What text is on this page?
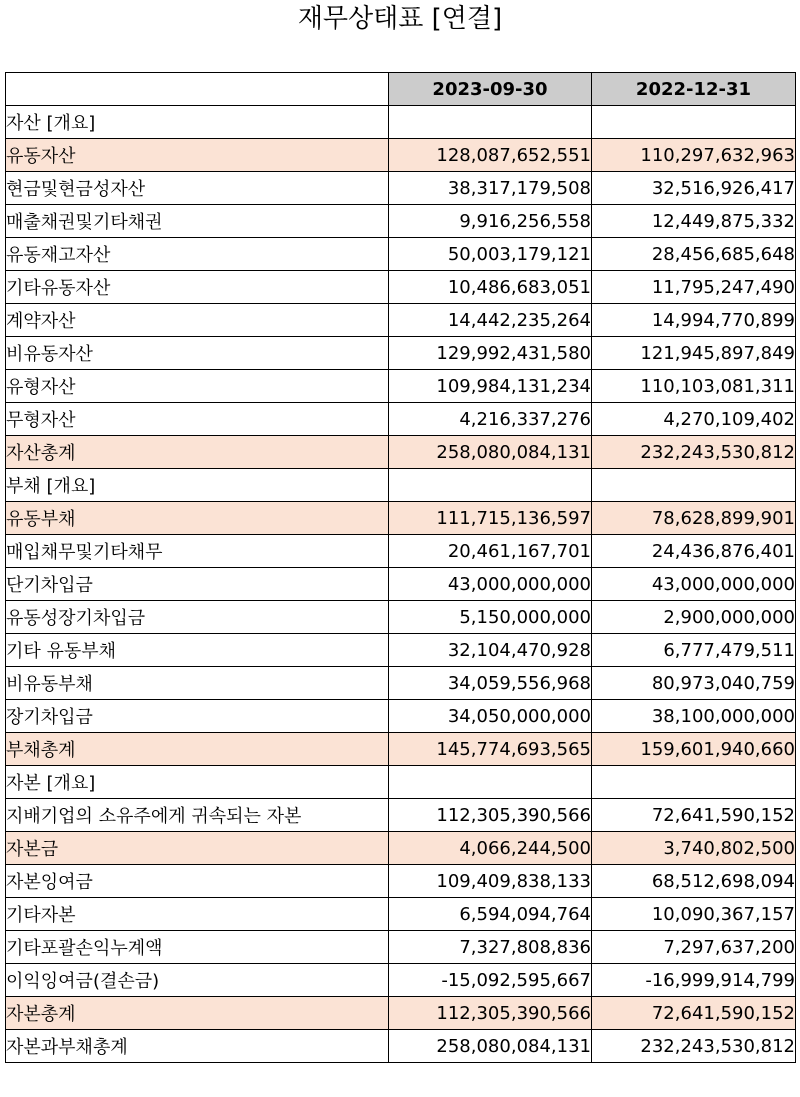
재무상태표 [연결]
	2023-09-30	2022-12-31
자산 [개요]		
유동자산	128,087,652,551	110,297,632,963
현금및현금성자산	38,317,179,508	32,516,926,417
매출채권및기타채권	9,916,256,558	12,449,875,332
유동재고자산	50,003,179,121	28,456,685,648
기타유동자산	10,486,683,051	11,795,247,490
계약자산	14,442,235,264	14,994,770,899
비유동자산	129,992,431,580	121,945,897,849
유형자산	109,984,131,234	110,103,081,311
무형자산	4,216,337,276	4,270,109,402
자산총계	258,080,084,131	232,243,530,812
부채 [개요]		
유동부채	111,715,136,597	78,628,899,901
매입채무및기타채무	20,461,167,701	24,436,876,401
단기차입금	43,000,000,000	43,000,000,000
유동성장기차입금	5,150,000,000	2,900,000,000
기타 유동부채	32,104,470,928	6,777,479,511
비유동부채	34,059,556,968	80,973,040,759
장기차입금	34,050,000,000	38,100,000,000
부채총계	145,774,693,565	159,601,940,660
자본 [개요]		
지배기업의 소유주에게 귀속되는 자본	112,305,390,566	72,641,590,152
자본금	4,066,244,500	3,740,802,500
자본잉여금	109,409,838,133	68,512,698,094
기타자본	6,594,094,764	10,090,367,157
기타포괄손익누계액	7,327,808,836	7,297,637,200
이익잉여금(결손금)	-15,092,595,667	-16,999,914,799
자본총계	112,305,390,566	72,641,590,152
자본과부채총계	258,080,084,131	232,243,530,812
